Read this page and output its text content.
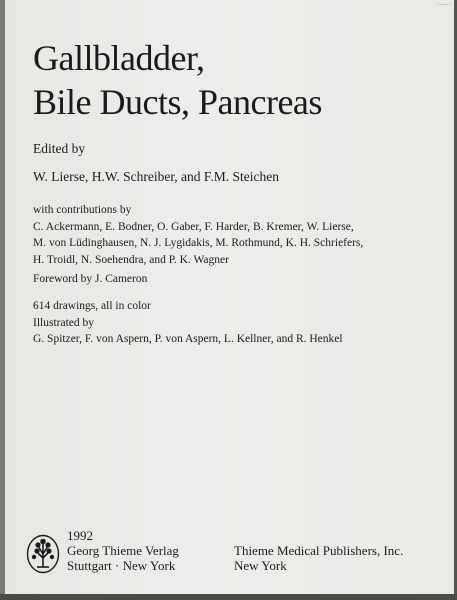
······
Gallbladder,
Bile Ducts, Pancreas
Edited by
W. Lierse, H.W. Schreiber, and F.M. Steichen
with contributions by
C. Ackermann, E. Bodner, O. Gaber, F. Harder, B. Kremer, W. Lierse,
M. von Lüdinghausen, N. J. Lygidakis, M. Rothmund, K. H. Schriefers,
H. Troidl, N. Soehendra, and P. K. Wagner
Foreword by J. Cameron
614 drawings, all in color
Illustrated by
G. Spitzer, F. von Aspern, P. von Aspern, L. Kellner, and R. Henkel
1992
Georg Thieme Verlag
Stuttgart · New York
Thieme Medical Publishers, Inc.
New York
